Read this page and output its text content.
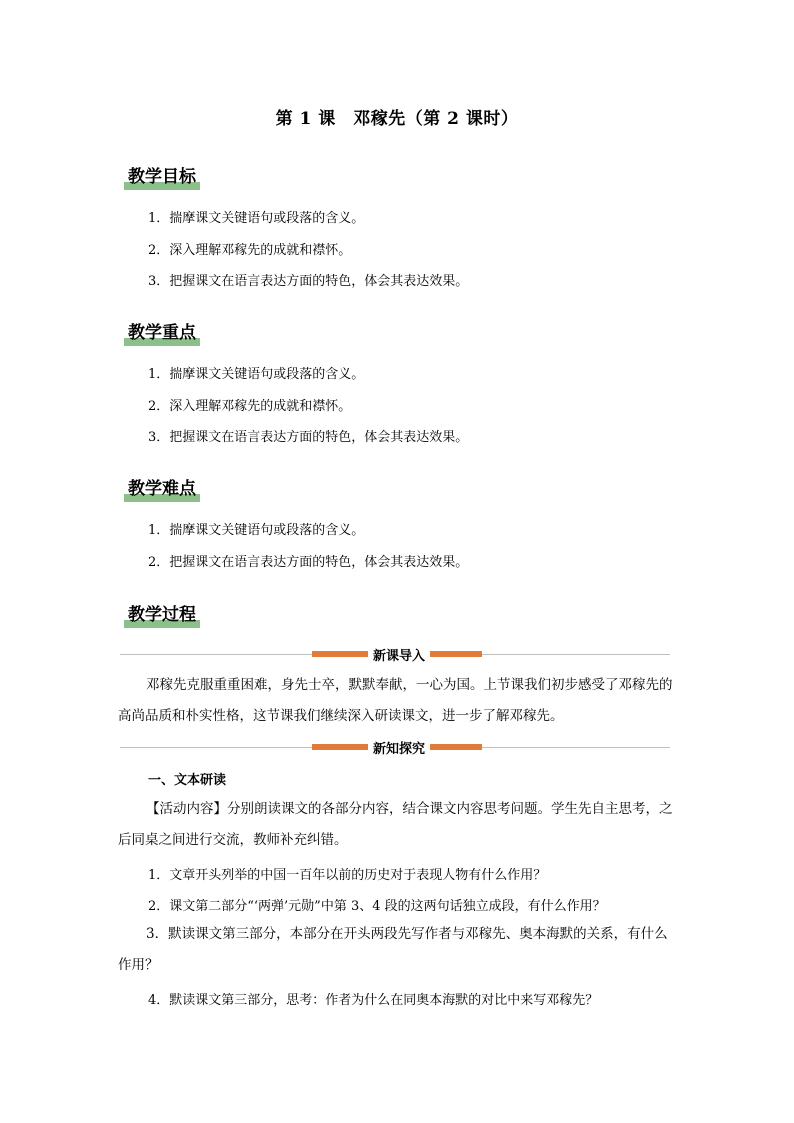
第 1 课　邓稼先（第 2 课时）
教学目标
1．揣摩课文关键语句或段落的含义。
2．深入理解邓稼先的成就和襟怀。
3．把握课文在语言表达方面的特色，体会其表达效果。
教学重点
1．揣摩课文关键语句或段落的含义。
2．深入理解邓稼先的成就和襟怀。
3．把握课文在语言表达方面的特色，体会其表达效果。
教学难点
1．揣摩课文关键语句或段落的含义。
2．把握课文在语言表达方面的特色，体会其表达效果。
教学过程
新课导入
邓稼先克服重重困难，身先士卒，默默奉献，一心为国。上节课我们初步感受了邓稼先的高尚品质和朴实性格，这节课我们继续深入研读课文，进一步了解邓稼先。
新知探究
一、文本研读
【活动内容】分别朗读课文的各部分内容，结合课文内容思考问题。学生先自主思考，之后同桌之间进行交流，教师补充纠错。
1．文章开头列举的中国一百年以前的历史对于表现人物有什么作用？
2．课文第二部分“‘两弹’元勋”中第 3、4 段的这两句话独立成段，有什么作用？
3．默读课文第三部分，本部分在开头两段先写作者与邓稼先、奥本海默的关系，有什么作用？
4．默读课文第三部分，思考：作者为什么在同奥本海默的对比中来写邓稼先？
